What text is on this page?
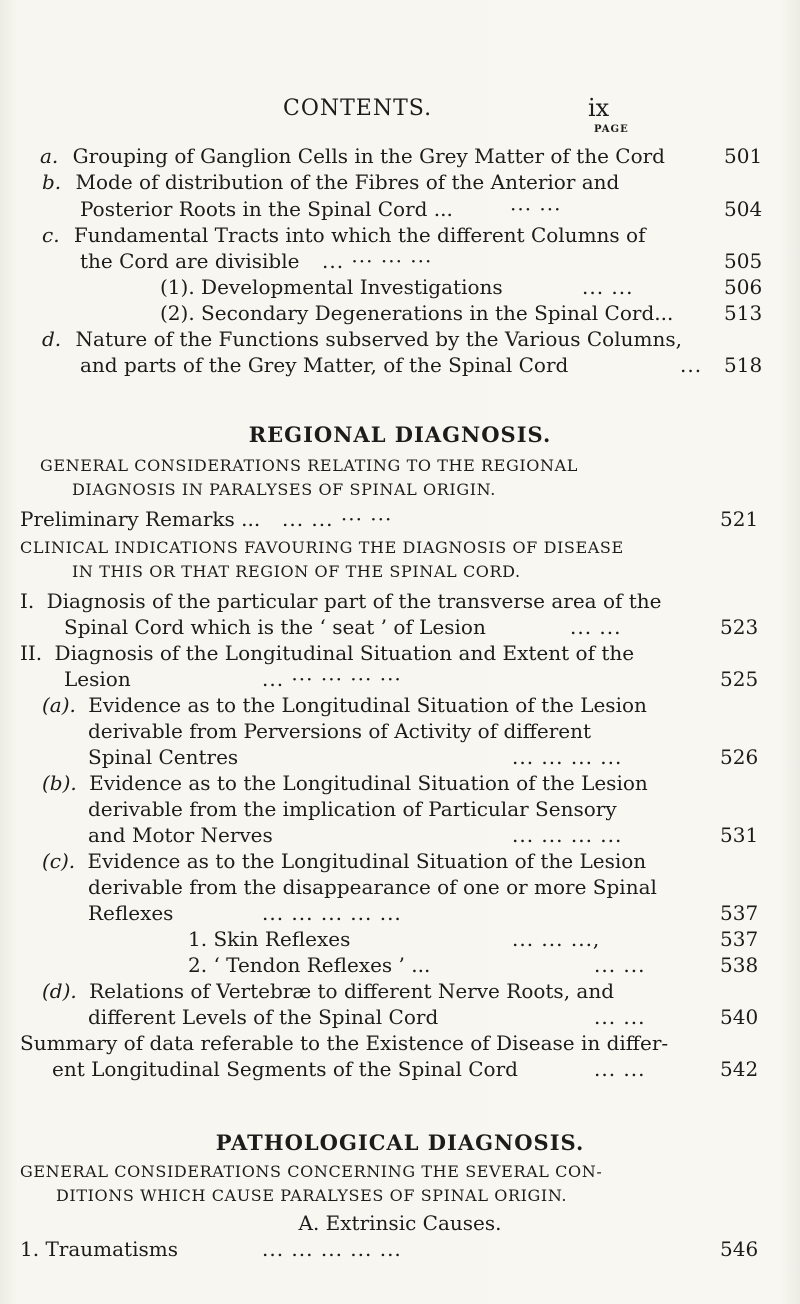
CONTENTS.	ix
PAGE
a. Grouping of Ganglion Cells in the Grey Matter of the Cord	501
b. Mode of distribution of the Fibres of the Anterior and
Posterior Roots in the Spinal Cord ...	··· ···	504
c. Fundamental Tracts into which the different Columns of
the Cord are divisible ... ··· ··· ···	505
(1). Developmental Investigations	... ...	506
(2). Secondary Degenerations in the Spinal Cord...	513
d. Nature of the Functions subserved by the Various Columns,
and parts of the Grey Matter, of the Spinal Cord	... 518
REGIONAL DIAGNOSIS.
GENERAL CONSIDERATIONS RELATING TO THE REGIONAL
DIAGNOSIS IN PARALYSES OF SPINAL ORIGIN.
Preliminary Remarks ... ... ... ··· ···	521
CLINICAL INDICATIONS FAVOURING THE DIAGNOSIS OF DISEASE
IN THIS OR THAT REGION OF THE SPINAL CORD.
I. Diagnosis of the particular part of the transverse area of the
Spinal Cord which is the ‘ seat ’ of Lesion	... ...	523
II. Diagnosis of the Longitudinal Situation and Extent of the
Lesion	... ··· ··· ··· ···	525
(a). Evidence as to the Longitudinal Situation of the Lesion
derivable from Perversions of Activity of different
Spinal Centres	... ... ... ...	526
(b). Evidence as to the Longitudinal Situation of the Lesion
derivable from the implication of Particular Sensory
and Motor Nerves	... ... ... ...	531
(c). Evidence as to the Longitudinal Situation of the Lesion
derivable from the disappearance of one or more Spinal
Reflexes	... ... ... ... ...	537
1. Skin Reflexes	... ... ...,	537
2. ‘ Tendon Reflexes ’ ...	... ...	538
(d). Relations of Vertebræ to different Nerve Roots, and
different Levels of the Spinal Cord	... ...	540
Summary of data referable to the Existence of Disease in differ-
ent Longitudinal Segments of the Spinal Cord	... ...	542
PATHOLOGICAL DIAGNOSIS.
GENERAL CONSIDERATIONS CONCERNING THE SEVERAL CON-
DITIONS WHICH CAUSE PARALYSES OF SPINAL ORIGIN.
A. Extrinsic Causes.
1. Traumatisms	... ... ... ... ...	546
